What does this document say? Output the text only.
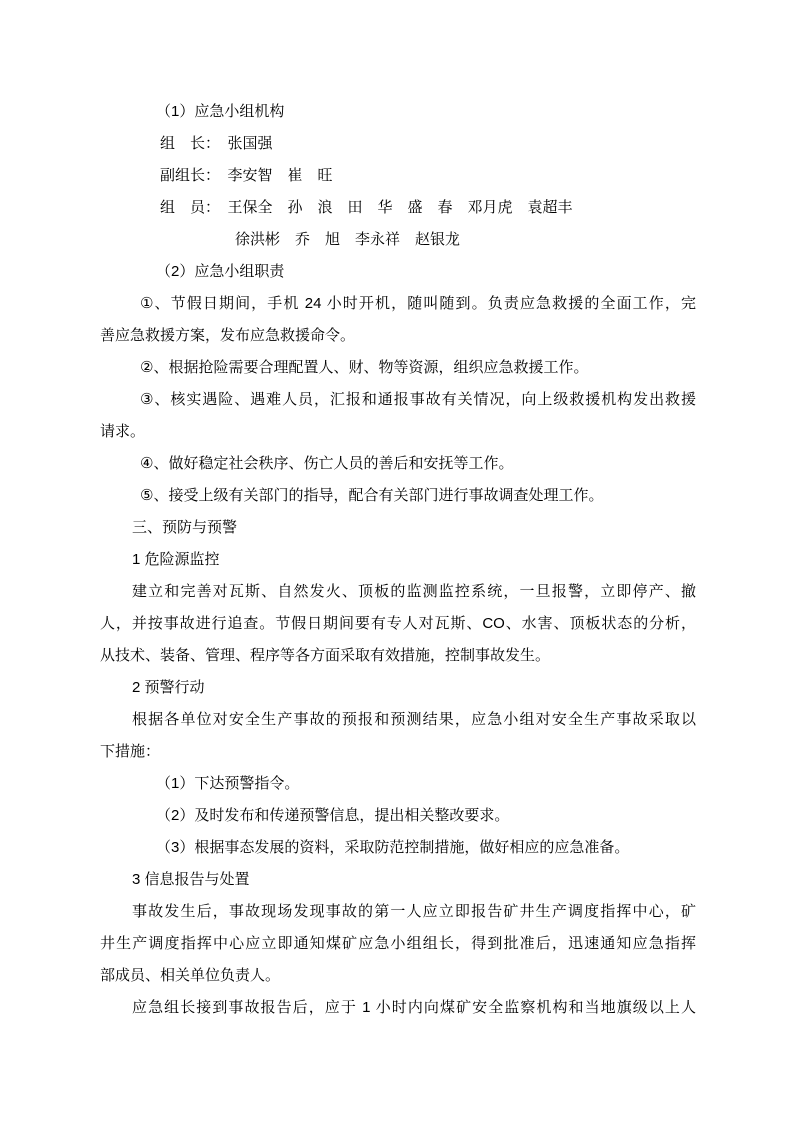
（1）应急小组机构
组　长：　张国强
副组长：　李安智　崔　旺
组　员：　王保全　孙　浪　田　华　盛　春　邓月虎　袁超丰
徐洪彬　乔　旭　李永祥　赵银龙
（2）应急小组职责
①、节假日期间，手机 24 小时开机，随叫随到。负责应急救援的全面工作，完
善应急救援方案，发布应急救援命令。
②、根据抢险需要合理配置人、财、物等资源，组织应急救援工作。
③、核实遇险、遇难人员，汇报和通报事故有关情况，向上级救援机构发出救援
请求。
④、做好稳定社会秩序、伤亡人员的善后和安抚等工作。
⑤、接受上级有关部门的指导，配合有关部门进行事故调查处理工作。
三、预防与预警
1 危险源监控
建立和完善对瓦斯、自然发火、顶板的监测监控系统，一旦报警，立即停产、撤
人，并按事故进行追查。节假日期间要有专人对瓦斯、CO、水害、顶板状态的分析，
从技术、装备、管理、程序等各方面采取有效措施，控制事故发生。
2 预警行动
根据各单位对安全生产事故的预报和预测结果，应急小组对安全生产事故采取以
下措施：
（1）下达预警指令。
（2）及时发布和传递预警信息，提出相关整改要求。
（3）根据事态发展的资料，采取防范控制措施，做好相应的应急准备。
3 信息报告与处置
事故发生后，事故现场发现事故的第一人应立即报告矿井生产调度指挥中心，矿
井生产调度指挥中心应立即通知煤矿应急小组组长，得到批准后，迅速通知应急指挥
部成员、相关单位负责人。
应急组长接到事故报告后，应于 1 小时内向煤矿安全监察机构和当地旗级以上人
